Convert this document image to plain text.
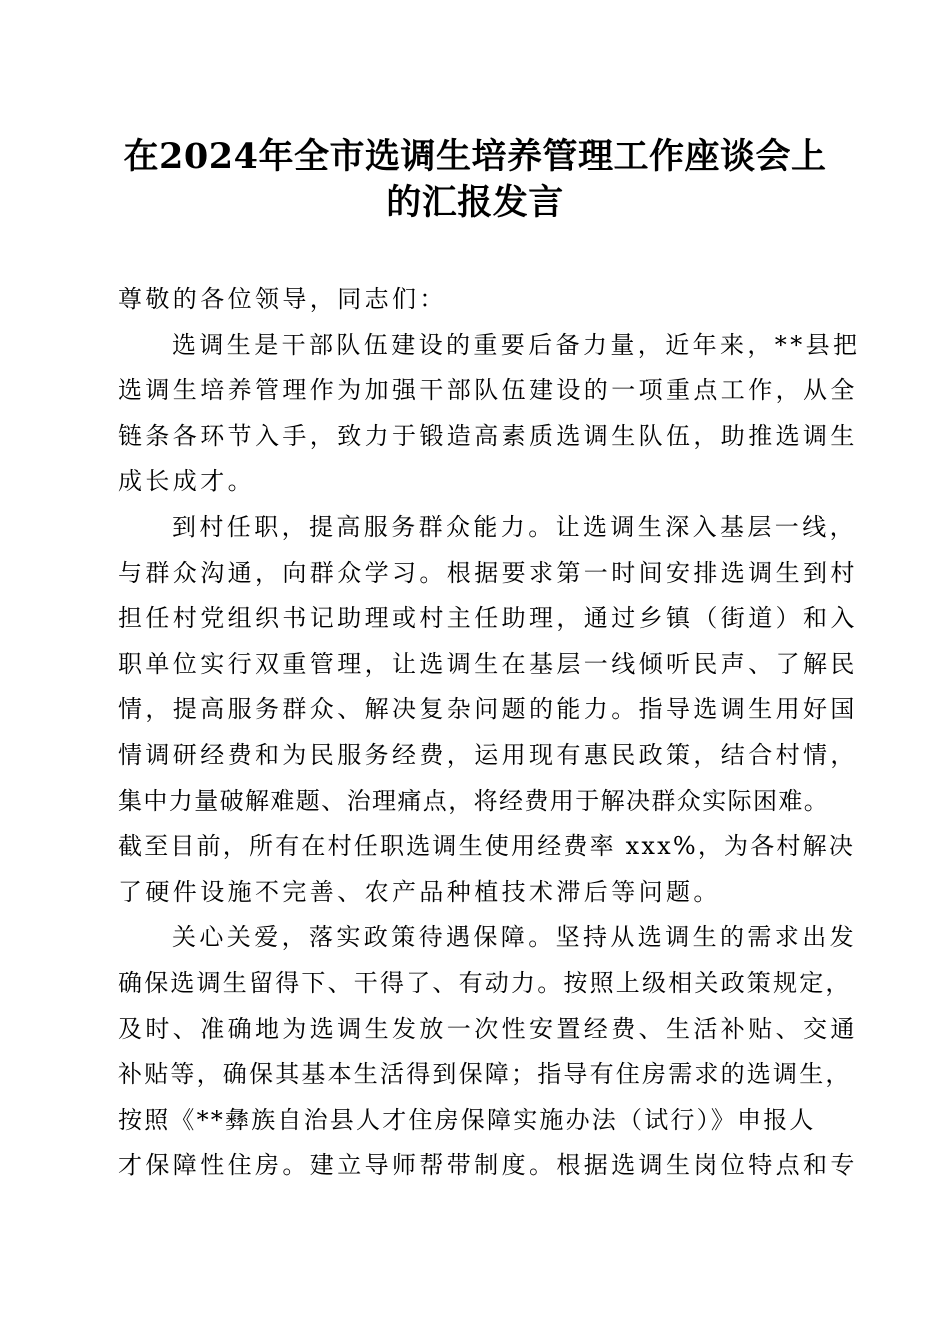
在2024年全市选调生培养管理工作座谈会上
的汇报发言
尊敬的各位领导，同志们：
选调生是干部队伍建设的重要后备力量，近年来，**县把
选调生培养管理作为加强干部队伍建设的一项重点工作，从全
链条各环节入手，致力于锻造高素质选调生队伍，助推选调生
成长成才。
到村任职，提高服务群众能力。让选调生深入基层一线，
与群众沟通，向群众学习。根据要求第一时间安排选调生到村
担任村党组织书记助理或村主任助理，通过乡镇（街道）和入
职单位实行双重管理，让选调生在基层一线倾听民声、了解民
情，提高服务群众、解决复杂问题的能力。指导选调生用好国
情调研经费和为民服务经费，运用现有惠民政策，结合村情，
集中力量破解难题、治理痛点，将经费用于解决群众实际困难。
截至目前，所有在村任职选调生使用经费率 xxx%，为各村解决
了硬件设施不完善、农产品种植技术滞后等问题。
关心关爱，落实政策待遇保障。坚持从选调生的需求出发
确保选调生留得下、干得了、有动力。按照上级相关政策规定，
及时、准确地为选调生发放一次性安置经费、生活补贴、交通
补贴等，确保其基本生活得到保障；指导有住房需求的选调生，
按照《**彝族自治县人才住房保障实施办法（试行）》申报人
才保障性住房。建立导师帮带制度。根据选调生岗位特点和专
